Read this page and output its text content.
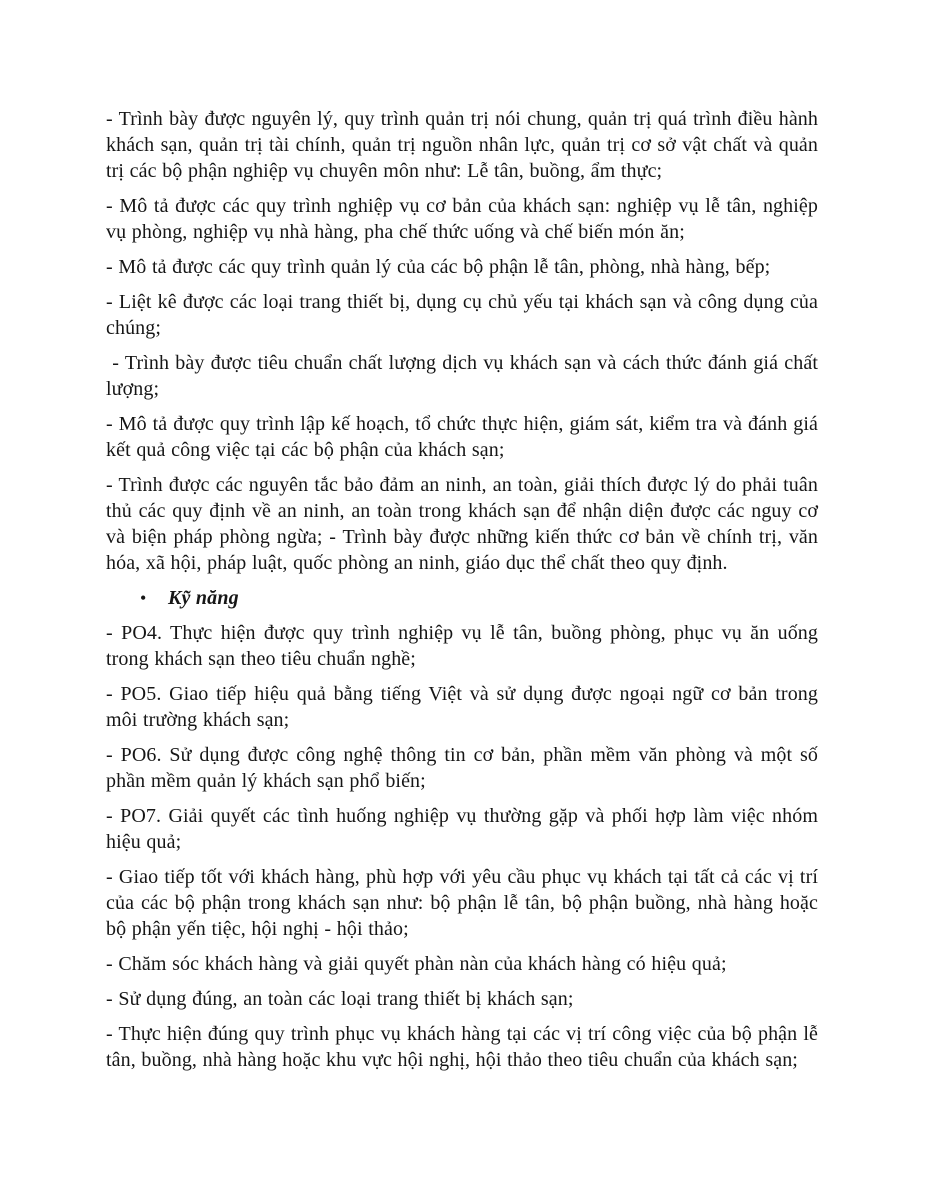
- Trình bày được nguyên lý, quy trình quản trị nói chung, quản trị quá trình điều hành khách sạn, quản trị tài chính, quản trị nguồn nhân lực, quản trị cơ sở vật chất và quản trị các bộ phận nghiệp vụ chuyên môn như: Lễ tân, buồng, ẩm thực;

- Mô tả được các quy trình nghiệp vụ cơ bản của khách sạn: nghiệp vụ lễ tân, nghiệp vụ phòng, nghiệp vụ nhà hàng, pha chế thức uống và chế biến món ăn;

- Mô tả được các quy trình quản lý của các bộ phận lễ tân, phòng, nhà hàng, bếp;

- Liệt kê được các loại trang thiết bị, dụng cụ chủ yếu tại khách sạn và công dụng của chúng;

- Trình bày được tiêu chuẩn chất lượng dịch vụ khách sạn và cách thức đánh giá chất lượng;

- Mô tả được quy trình lập kế hoạch, tổ chức thực hiện, giám sát, kiểm tra và đánh giá kết quả công việc tại các bộ phận của khách sạn;

- Trình được các nguyên tắc bảo đảm an ninh, an toàn, giải thích được lý do phải tuân thủ các quy định về an ninh, an toàn trong khách sạn để nhận diện được các nguy cơ và biện pháp phòng ngừa; - Trình bày được những kiến thức cơ bản về chính trị, văn hóa, xã hội, pháp luật, quốc phòng an ninh, giáo dục thể chất theo quy định.

•	Kỹ năng

- PO4. Thực hiện được quy trình nghiệp vụ lễ tân, buồng phòng, phục vụ ăn uống trong khách sạn theo tiêu chuẩn nghề;

- PO5. Giao tiếp hiệu quả bằng tiếng Việt và sử dụng được ngoại ngữ cơ bản trong môi trường khách sạn;

- PO6. Sử dụng được công nghệ thông tin cơ bản, phần mềm văn phòng và một số phần mềm quản lý khách sạn phổ biến;

- PO7. Giải quyết các tình huống nghiệp vụ thường gặp và phối hợp làm việc nhóm hiệu quả;

- Giao tiếp tốt với khách hàng, phù hợp với yêu cầu phục vụ khách tại tất cả các vị trí của các bộ phận trong khách sạn như: bộ phận lễ tân, bộ phận buồng, nhà hàng hoặc bộ phận yến tiệc, hội nghị - hội thảo;

- Chăm sóc khách hàng và giải quyết phàn nàn của khách hàng có hiệu quả;

- Sử dụng đúng, an toàn các loại trang thiết bị khách sạn;

- Thực hiện đúng quy trình phục vụ khách hàng tại các vị trí công việc của bộ phận lễ tân, buồng, nhà hàng hoặc khu vực hội nghị, hội thảo theo tiêu chuẩn của khách sạn;
